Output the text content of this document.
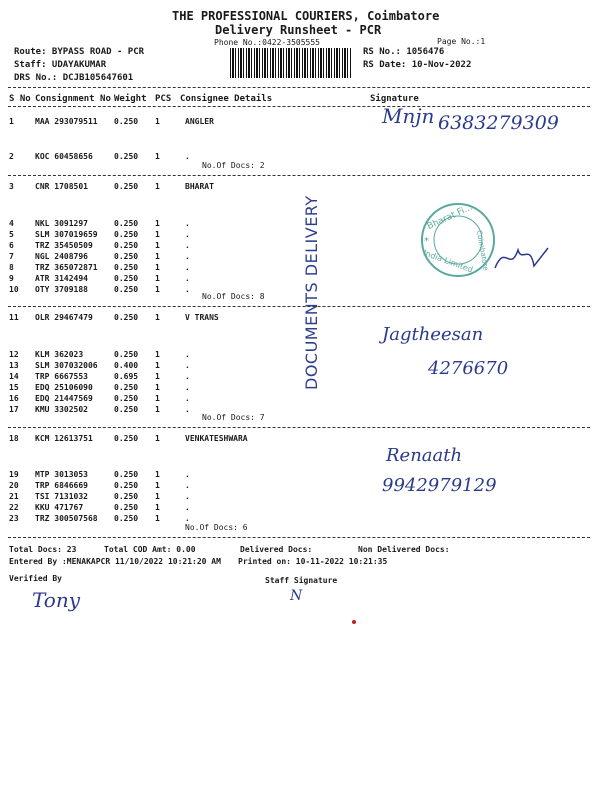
THE PROFESSIONAL COURIERS, Coimbatore
Delivery Runsheet - PCR
Phone No.:0422-3505555	Page No.:1
Route: BYPASS ROAD - PCR
Staff: UDAYAKUMAR
DRS No.: DCJB105647601
RS No.: 1056476
RS Date: 10-Nov-2022
S No Consignment No Weight PCS Consignee Details	Signature
1	MAA 293079511 0.250 1	ANGLER
2	KOC 60458656	0.250 1	.
3	CNR 1708501	0.250 1	BHARAT
4	NKL 3091297	0.250 1	.
5	SLM 307019659 0.250 1	.
6	TRZ 35450509	0.250 1	.
7	NGL 2408796	0.250 1	.
8	TRZ 365072871 0.250 1	.
9	ATR 3142494	0.250 1	.
10 OTY 3709188	0.250 1	.
11 OLR 29467479	0.250 1	V TRANS
12 KLM 362023	0.250 1	.
13 SLM 307032006 0.400 1	.
14 TRP 6667553	0.695 1	.
15 EDQ 25106090	0.250 1	.
16 EDQ 21447569	0.250 1	.
17 KMU 3302502	0.250 1	.
18 KCM 12613751	0.250 1	VENKATESHWARA
19 MTP 3013053	0.250 1	.
20 TRP 6846669	0.250 1	.
21 TSI 7131032	0.250 1	.
22 KKU 471767	0.250 1	.
23 TRZ 300507568 0.250 1	.
No.Of Docs: 2
No.Of Docs: 8
No.Of Docs: 7
No.Of Docs: 6
DOCUMENTS DELIVERY	Bharat Fi...
Coimbatore
India Limited
*
Mnjn 6383279309
Jagtheesan
4276670
Renaath
9942979129
Total Docs: 23	Total COD Amt: 0.00	Delivered Docs:	Non Delivered Docs:
Entered By :MENAKAPCR 11/10/2022 10:21:20 AM Printed on: 10-11-2022 10:21:35
Verified By	Staff Signature
Tony	N
